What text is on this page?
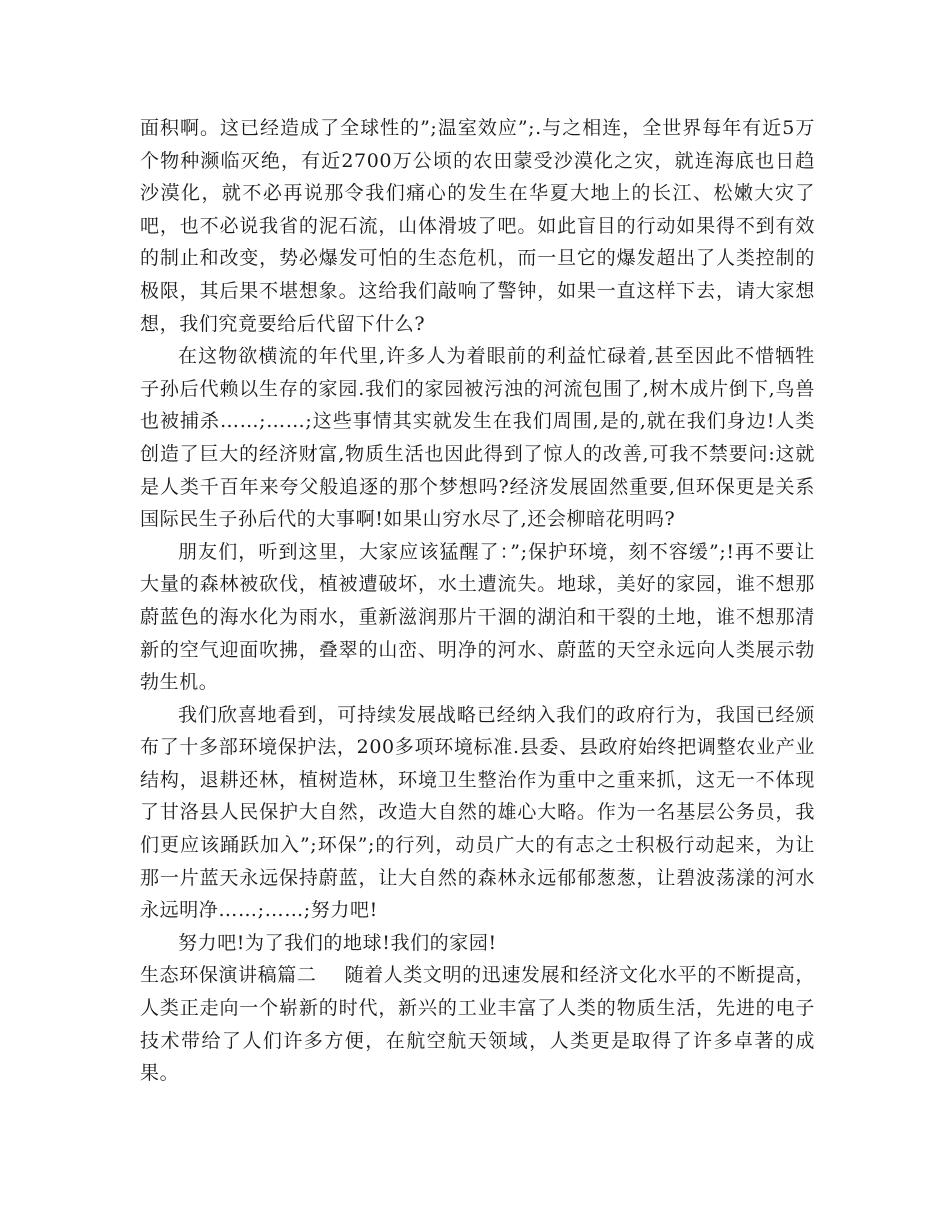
面积啊。这已经造成了全球性的”;温室效应”;.与之相连，全世界每年有近5万个物种濒临灭绝，有近2700万公顷的农田蒙受沙漠化之灾，就连海底也日趋沙漠化，就不必再说那令我们痛心的发生在华夏大地上的长江、松嫩大灾了吧，也不必说我省的泥石流，山体滑坡了吧。如此盲目的行动如果得不到有效的制止和改变，势必爆发可怕的生态危机，而一旦它的爆发超出了人类控制的极限，其后果不堪想象。这给我们敲响了警钟，如果一直这样下去，请大家想想，我们究竟要给后代留下什么?

在这物欲横流的年代里,许多人为着眼前的利益忙碌着,甚至因此不惜牺牲子孙后代赖以生存的家园.我们的家园被污浊的河流包围了,树木成片倒下,鸟兽也被捕杀……;……;这些事情其实就发生在我们周围,是的,就在我们身边!人类创造了巨大的经济财富,物质生活也因此得到了惊人的改善,可我不禁要问:这就是人类千百年来夸父般追逐的那个梦想吗?经济发展固然重要,但环保更是关系国际民生子孙后代的大事啊!如果山穷水尽了,还会柳暗花明吗?

朋友们，听到这里，大家应该猛醒了：”;保护环境，刻不容缓”;!再不要让大量的森林被砍伐，植被遭破坏，水土遭流失。地球，美好的家园，谁不想那蔚蓝色的海水化为雨水，重新滋润那片干涸的湖泊和干裂的土地，谁不想那清新的空气迎面吹拂，叠翠的山峦、明净的河水、蔚蓝的天空永远向人类展示勃勃生机。

我们欣喜地看到，可持续发展战略已经纳入我们的政府行为，我国已经颁布了十多部环境保护法，200多项环境标准.县委、县政府始终把调整农业产业结构，退耕还林，植树造林，环境卫生整治作为重中之重来抓，这无一不体现了甘洛县人民保护大自然，改造大自然的雄心大略。作为一名基层公务员，我们更应该踊跃加入”;环保”;的行列，动员广大的有志之士积极行动起来，为让那一片蓝天永远保持蔚蓝，让大自然的森林永远郁郁葱葱，让碧波荡漾的河水永远明净……;……;努力吧!

努力吧!为了我们的地球!我们的家园!

生态环保演讲稿篇二 随着人类文明的迅速发展和经济文化水平的不断提高，人类正走向一个崭新的时代，新兴的工业丰富了人类的物质生活，先进的电子技术带给了人们许多方便，在航空航天领域，人类更是取得了许多卓著的成果。
